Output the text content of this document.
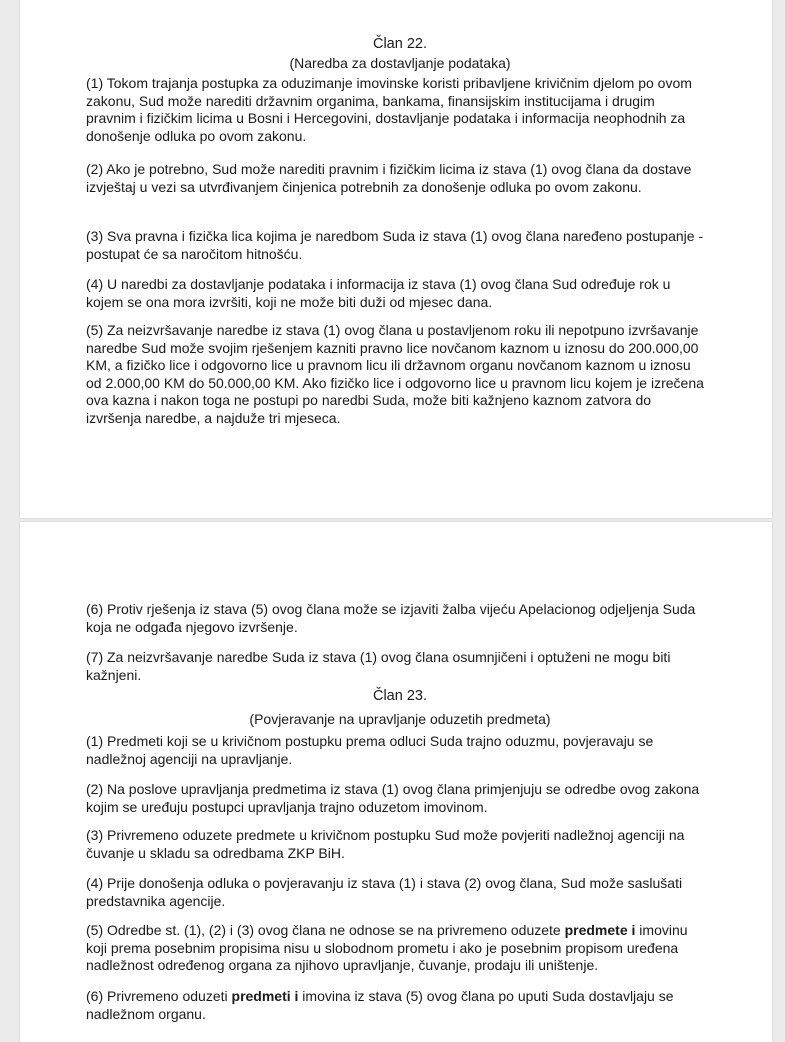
Član 22.
(Naredba za dostavljanje podataka)

(1) Tokom trajanja postupka za oduzimanje imovinske koristi pribavljene krivičnim djelom po ovom zakonu, Sud može narediti državnim organima, bankama, finansijskim institucijama i drugim pravnim i fizičkim licima u Bosni i Hercegovini, dostavljanje podataka i informacija neophodnih za donošenje odluka po ovom zakonu.

(2) Ako je potrebno, Sud može narediti pravnim i fizičkim licima iz stava (1) ovog člana da dostave izvještaj u vezi sa utvrđivanjem činjenica potrebnih za donošenje odluka po ovom zakonu.

(3) Sva pravna i fizička lica kojima je naredbom Suda iz stava (1) ovog člana naređeno postupanje - postupat će sa naročitom hitnošću.

(4) U naredbi za dostavljanje podataka i informacija iz stava (1) ovog člana Sud određuje rok u kojem se ona mora izvršiti, koji ne može biti duži od mjesec dana.

(5) Za neizvršavanje naredbe iz stava (1) ovog člana u postavljenom roku ili nepotpuno izvršavanje naredbe Sud može svojim rješenjem kazniti pravno lice novčanom kaznom u iznosu do 200.000,00 KM, a fizičko lice i odgovorno lice u pravnom licu ili državnom organu novčanom kaznom u iznosu od 2.000,00 KM do 50.000,00 KM. Ako fizičko lice i odgovorno lice u pravnom licu kojem je izrečena ova kazna i nakon toga ne postupi po naredbi Suda, može biti kažnjeno kaznom zatvora do izvršenja naredbe, a najduže tri mjeseca.

(6) Protiv rješenja iz stava (5) ovog člana može se izjaviti žalba vijeću Apelacionog odjeljenja Suda koja ne odgađa njegovo izvršenje.

(7) Za neizvršavanje naredbe Suda iz stava (1) ovog člana osumnjičeni i optuženi ne mogu biti kažnjeni.

Član 23.
(Povjeravanje na upravljanje oduzetih predmeta)

(1) Predmeti koji se u krivičnom postupku prema odluci Suda trajno oduzmu, povjeravaju se nadležnoj agenciji na upravljanje.

(2) Na poslove upravljanja predmetima iz stava (1) ovog člana primjenjuju se odredbe ovog zakona kojim se uređuju postupci upravljanja trajno oduzetom imovinom.

(3) Privremeno oduzete predmete u krivičnom postupku Sud može povjeriti nadležnoj agenciji na čuvanje u skladu sa odredbama ZKP BiH.

(4) Prije donošenja odluka o povjeravanju iz stava (1) i stava (2) ovog člana, Sud može saslušati predstavnika agencije.

(5) Odredbe st. (1), (2) i (3) ovog člana ne odnose se na privremeno oduzete predmete i imovinu koji prema posebnim propisima nisu u slobodnom prometu i ako je posebnim propisom uređena nadležnost određenog organa za njihovo upravljanje, čuvanje, prodaju ili uništenje.

(6) Privremeno oduzeti predmeti i imovina iz stava (5) ovog člana po uputi Suda dostavljaju se nadležnom organu.
